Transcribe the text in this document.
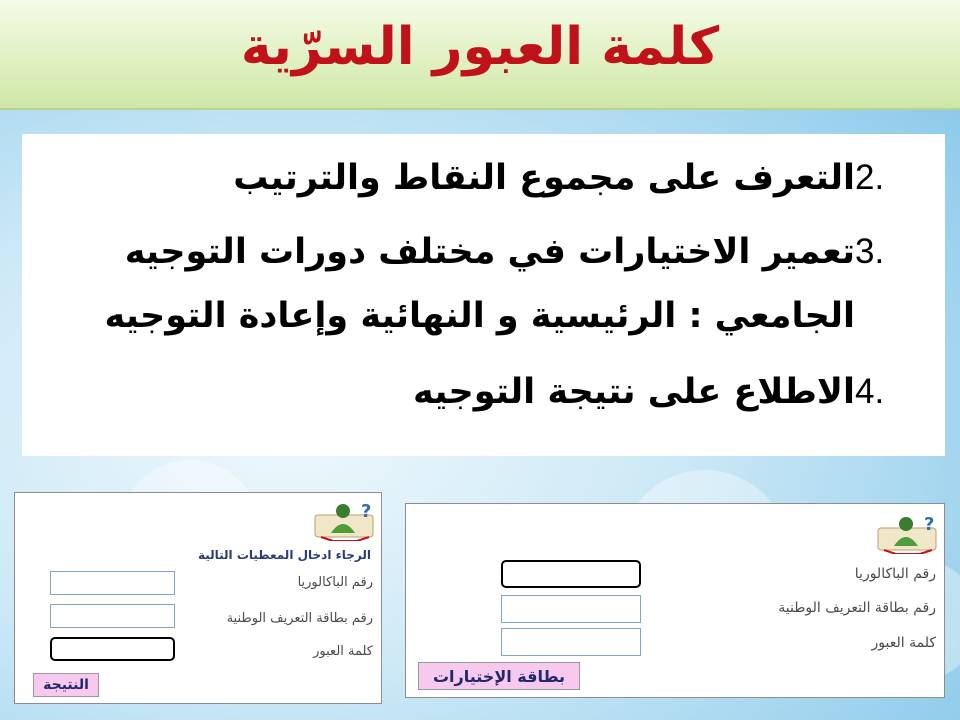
كلمة العبور السرّية
التعرف على مجموع النقاط والترتيب 2.
تعمير الاختيارات في مختلف دورات التوجيه
الجامعي : الرئيسية و النهائية وإعادة التوجيه
3.
الاطلاع على نتيجة التوجيه 4.
?
الرجاء ادخال المعطيات التالية
رقم الباكالوريا
رقم بطاقة التعريف الوطنية
كلمة العبور
النتيجة
?
رقم الباكالوريا
رقم بطاقة التعريف الوطنية
كلمة العبور
بطاقة الإختيارات
